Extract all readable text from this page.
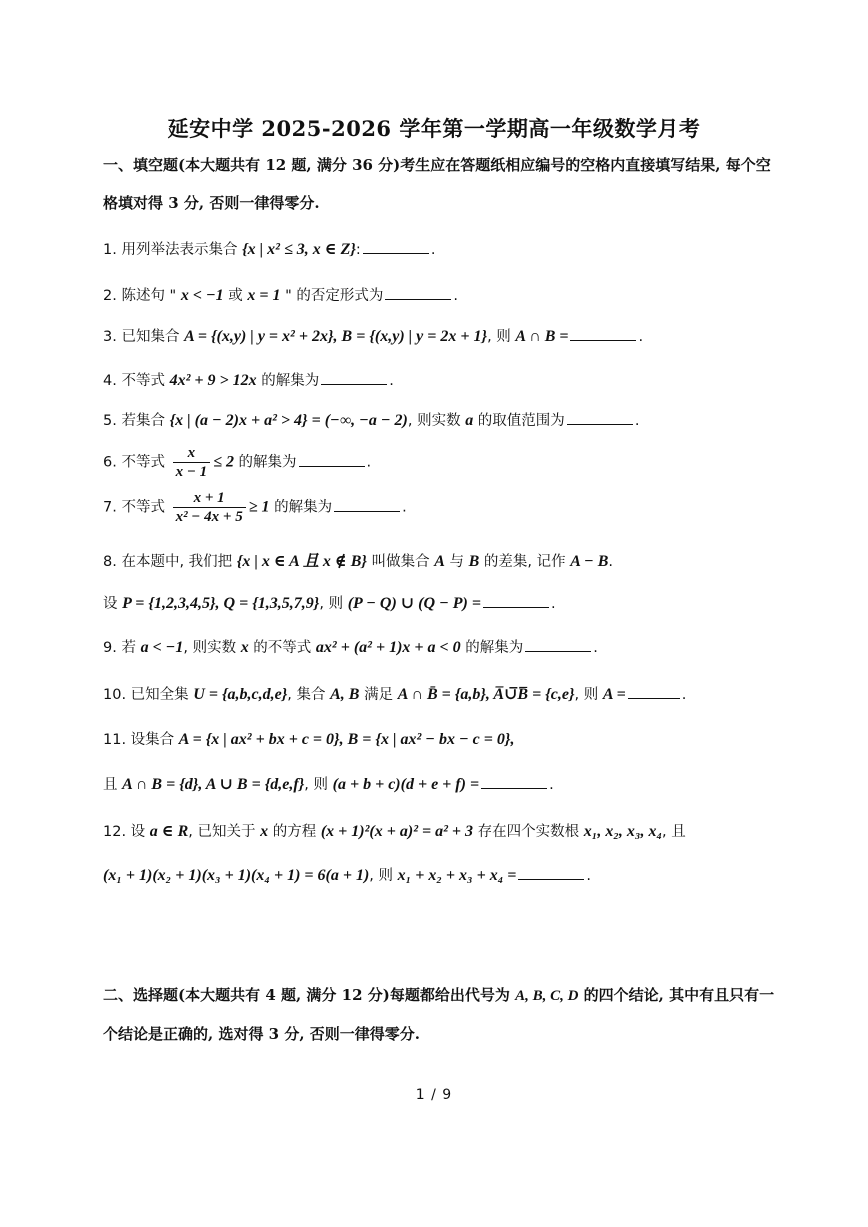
延安中学 2025-2026 学年第一学期高一年级数学月考
一、填空题(本大题共有 12 题, 满分 36 分)考生应在答题纸相应编号的空格内直接填写结果, 每个空
格填对得 3 分, 否则一律得零分.
1. 用列举法表示集合 {x | x² ≤ 3, x ∈ Z}:	.
2. 陈述句 " x < −1 或 x = 1 " 的否定形式为	.
3. 已知集合 A = {(x,y) | y = x² + 2x}, B = {(x,y) | y = 2x + 1}, 则 A ∩ B =	.
4. 不等式 4x² + 9 > 12x 的解集为	.
5. 若集合 {x | (a − 2)x + a² > 4} = (−∞, −a − 2), 则实数 a 的取值范围为	.
6. 不等式 $\frac{x}{x - 1} \le 2$ 的解集为	.
7. 不等式 $\frac{x + 1}{\text{x² − 4x + 5}} \ge 1$ 的解集为	.
8. 在本题中, 我们把 {x | x ∈ A 且 x ∉ B} 叫做集合 A 与 B 的差集, 记作 A − B.
设 P = {1,2,3,4,5}, Q = {1,3,5,7,9}, 则 (P − Q) ∪ (Q − P) =	.
9. 若 a < −1, 则实数 x 的不等式 ax² + (a² + 1)x + a < 0 的解集为	.
10. 已知全集 U = {a,b,c,d,e}, 集合 A, B 满足 A ∩ B̄ = {a,b}, A̅∪̅B̅ = {c,e}, 则 A =	.
11. 设集合 A = {x | ax² + bx + c = 0}, B = {x | ax² − bx − c = 0},
且 A ∩ B = {d}, A ∪ B = {d,e,f}, 则 (a + b + c)(d + e + f) =	.
12. 设 a ∈ R, 已知关于 x 的方程 (x + 1)²(x + a)² = a² + 3 存在四个实数根 x₁, x₂, x₃, x₄, 且
(x₁ + 1)(x₂ + 1)(x₃ + 1)(x₄ + 1) = 6(a + 1), 则 x₁ + x₂ + x₃ + x₄ =	.
二、选择题(本大题共有 4 题, 满分 12 分)每题都给出代号为 A, B, C, D 的四个结论, 其中有且只有一
个结论是正确的, 选对得 3 分, 否则一律得零分.
1 / 9
